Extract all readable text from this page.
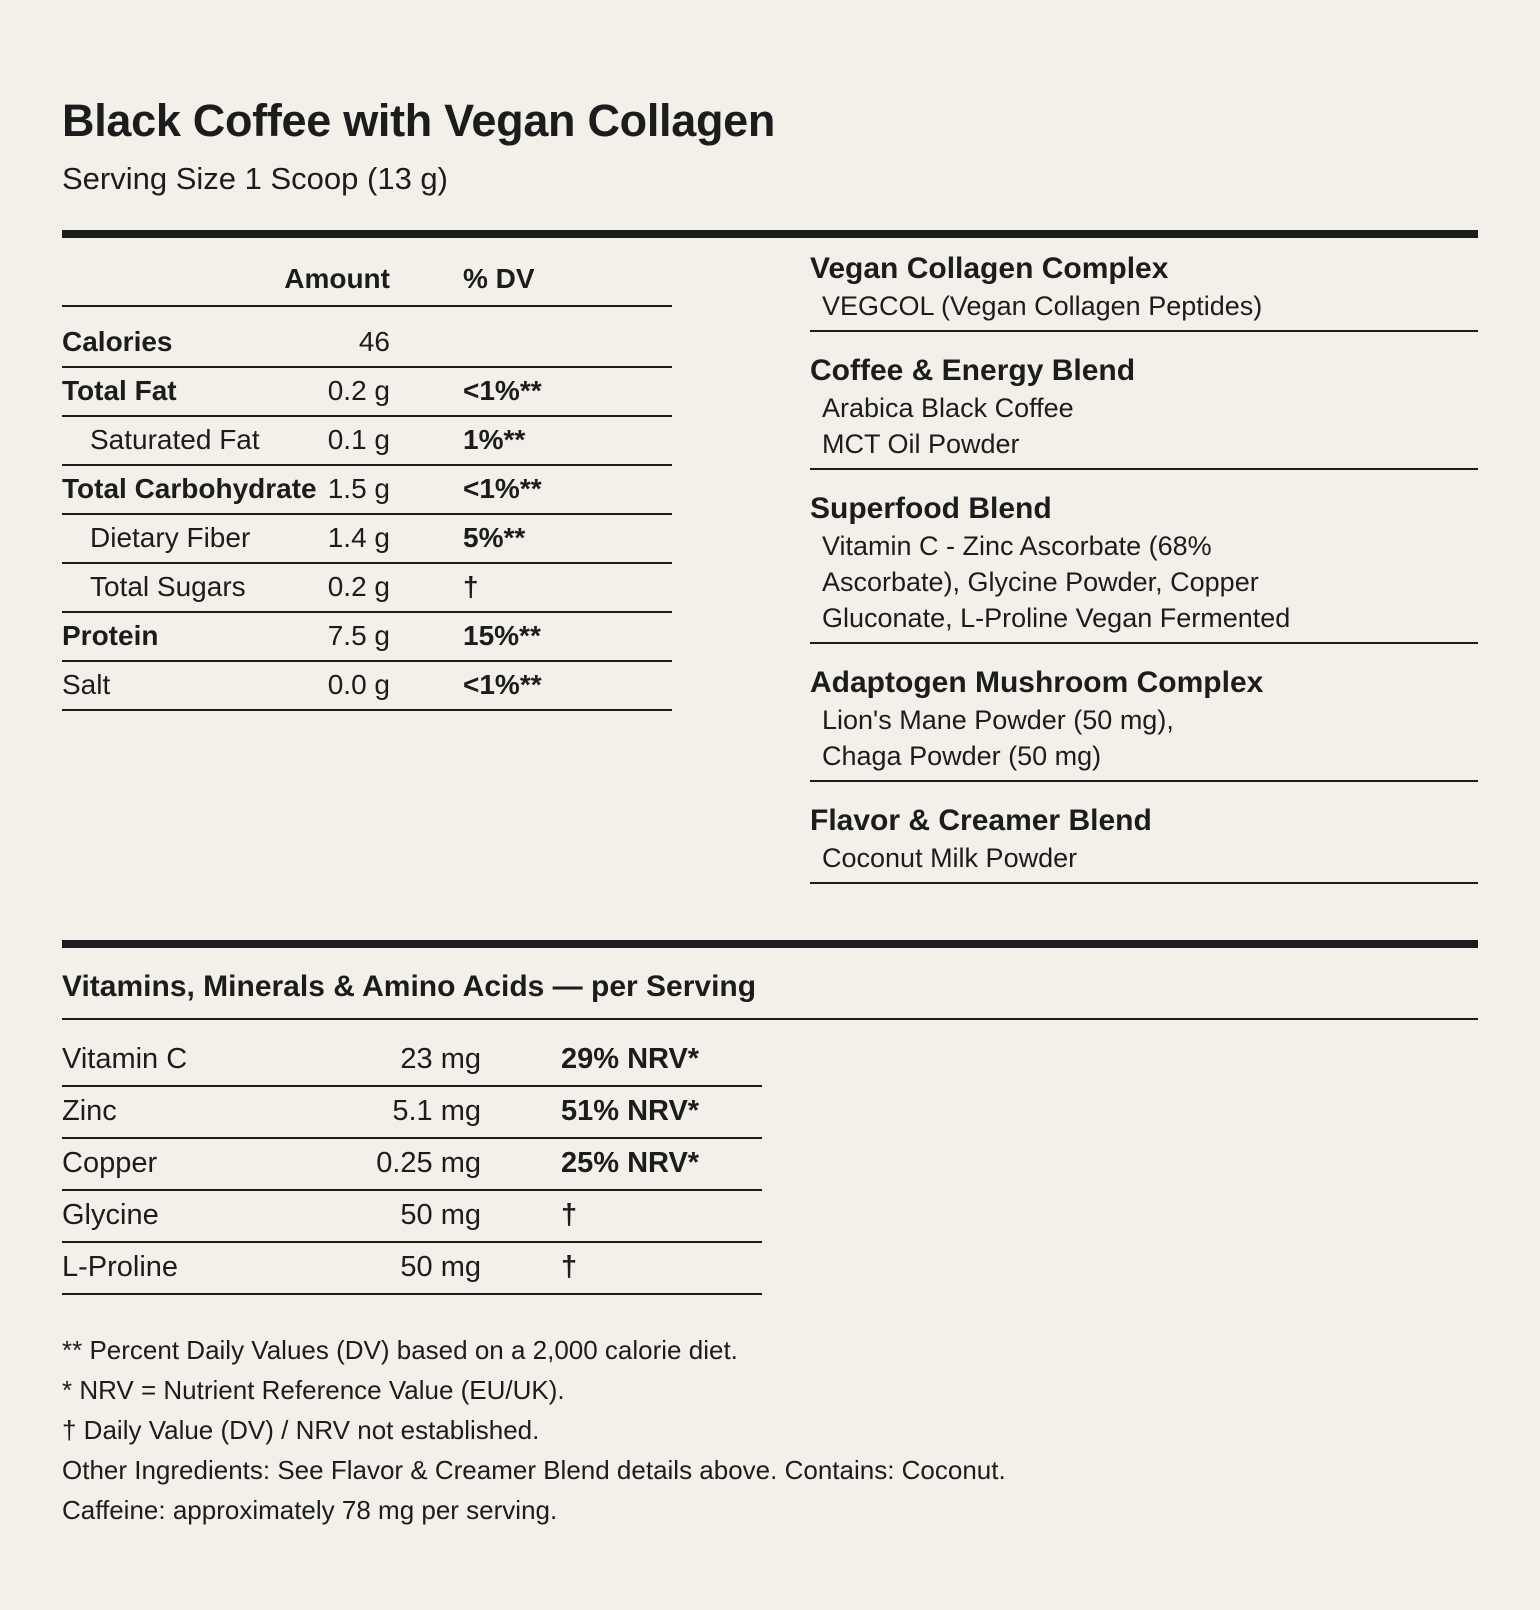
Black Coffee with Vegan Collagen
Serving Size 1 Scoop (13 g)
Amount	% DV
Calories	46
Total Fat	0.2 g	<1%**
Saturated Fat 0.1 g	1%**
Total Carbohydrate 1.5 g	<1%**
Dietary Fiber	1.4 g	5%**
Total Sugars	0.2 g	†
Protein	7.5 g	15%**
Salt	0.0 g	<1%**
Vegan Collagen Complex
VEGCOL (Vegan Collagen Peptides)
Coffee & Energy Blend
Arabica Black Coffee
MCT Oil Powder
Superfood Blend
Vitamin C - Zinc Ascorbate (68%
Ascorbate), Glycine Powder, Copper
Gluconate, L-Proline Vegan Fermented
Adaptogen Mushroom Complex
Lion's Mane Powder (50 mg),
Chaga Powder (50 mg)
Flavor & Creamer Blend
Coconut Milk Powder
Vitamins, Minerals & Amino Acids — per Serving
Vitamin C	23 mg	29% NRV*
Zinc	5.1 mg	51% NRV*
Copper	0.25 mg	25% NRV*
Glycine	50 mg	†
L-Proline	50 mg	†
** Percent Daily Values (DV) based on a 2,000 calorie diet.
* NRV = Nutrient Reference Value (EU/UK).
† Daily Value (DV) / NRV not established.
Other Ingredients: See Flavor & Creamer Blend details above. Contains: Coconut.
Caffeine: approximately 78 mg per serving.
